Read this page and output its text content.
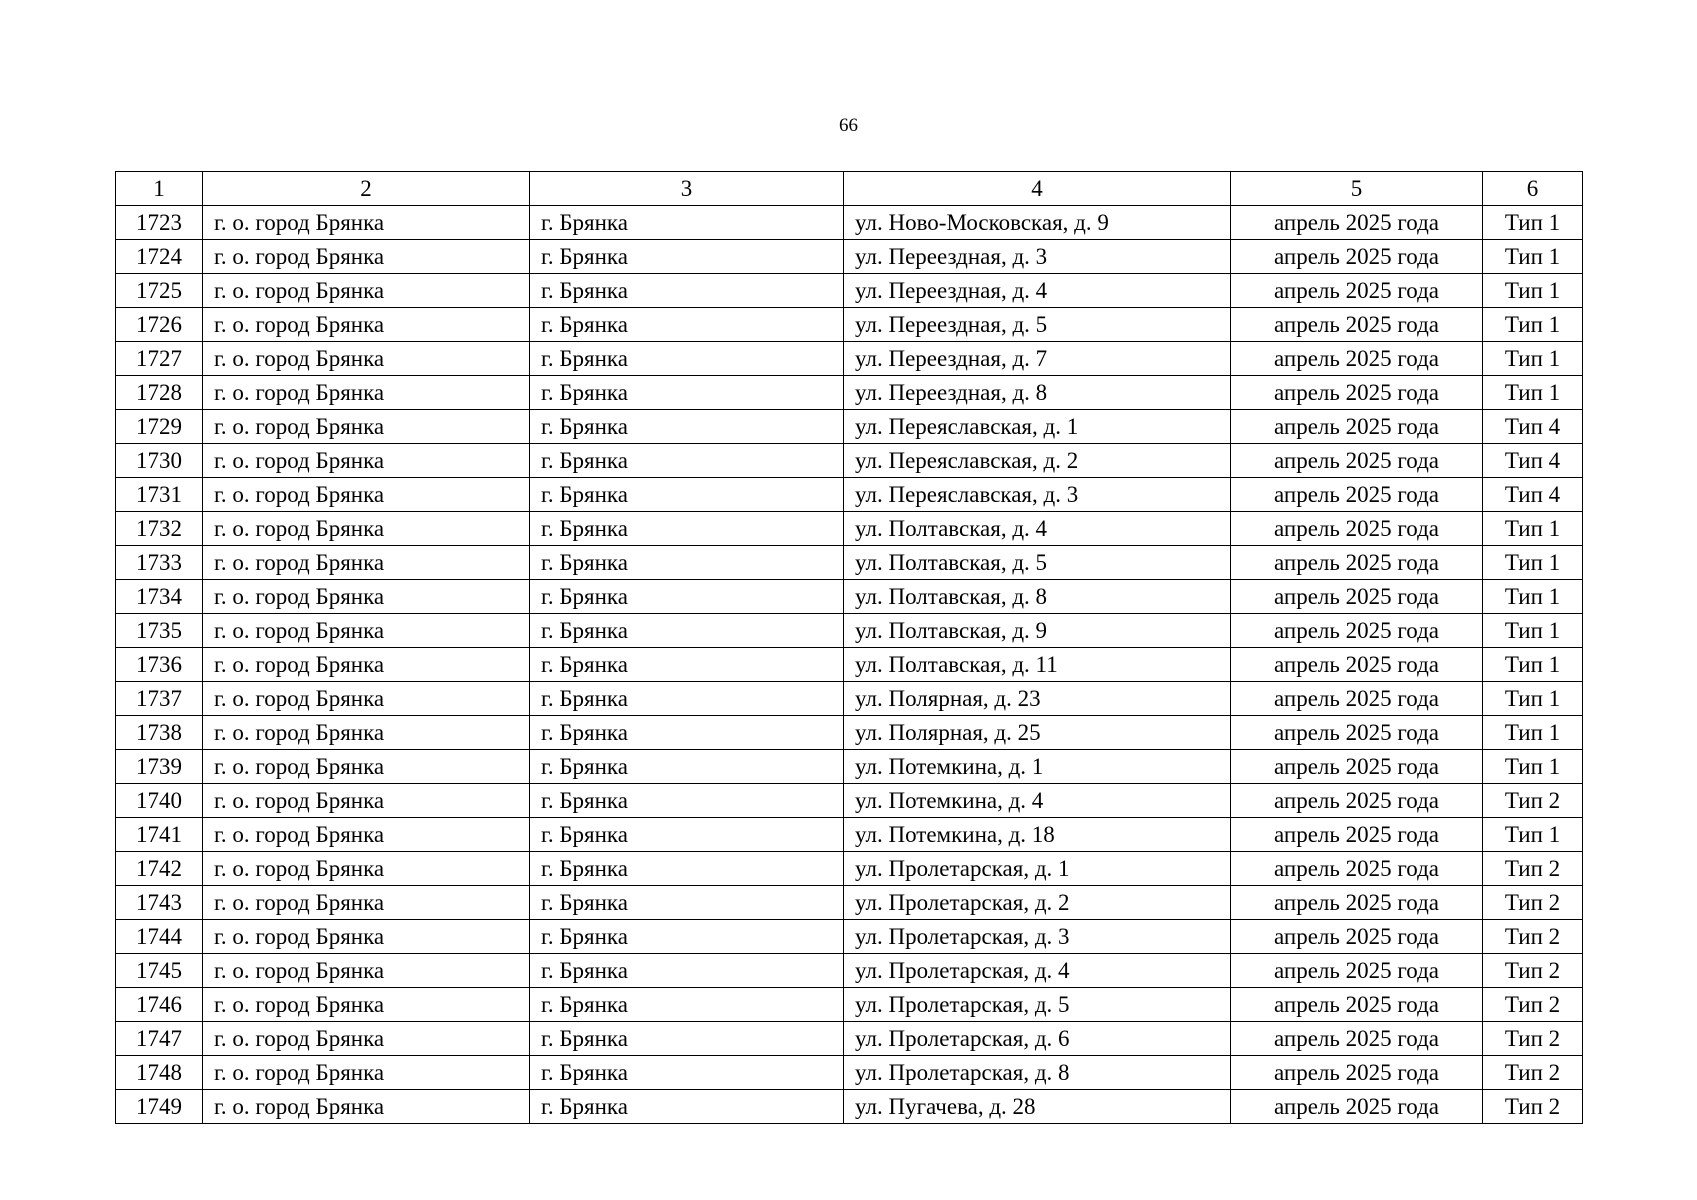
66
1	2	3	4	5	6
1723	г. о. город Брянка	г. Брянка	ул. Ново-Московская, д. 9	апрель 2025 года	Тип 1
1724	г. о. город Брянка	г. Брянка	ул. Переездная, д. 3	апрель 2025 года	Тип 1
1725	г. о. город Брянка	г. Брянка	ул. Переездная, д. 4	апрель 2025 года	Тип 1
1726	г. о. город Брянка	г. Брянка	ул. Переездная, д. 5	апрель 2025 года	Тип 1
1727	г. о. город Брянка	г. Брянка	ул. Переездная, д. 7	апрель 2025 года	Тип 1
1728	г. о. город Брянка	г. Брянка	ул. Переездная, д. 8	апрель 2025 года	Тип 1
1729	г. о. город Брянка	г. Брянка	ул. Переяславская, д. 1	апрель 2025 года	Тип 4
1730	г. о. город Брянка	г. Брянка	ул. Переяславская, д. 2	апрель 2025 года	Тип 4
1731	г. о. город Брянка	г. Брянка	ул. Переяславская, д. 3	апрель 2025 года	Тип 4
1732	г. о. город Брянка	г. Брянка	ул. Полтавская, д. 4	апрель 2025 года	Тип 1
1733	г. о. город Брянка	г. Брянка	ул. Полтавская, д. 5	апрель 2025 года	Тип 1
1734	г. о. город Брянка	г. Брянка	ул. Полтавская, д. 8	апрель 2025 года	Тип 1
1735	г. о. город Брянка	г. Брянка	ул. Полтавская, д. 9	апрель 2025 года	Тип 1
1736	г. о. город Брянка	г. Брянка	ул. Полтавская, д. 11	апрель 2025 года	Тип 1
1737	г. о. город Брянка	г. Брянка	ул. Полярная, д. 23	апрель 2025 года	Тип 1
1738	г. о. город Брянка	г. Брянка	ул. Полярная, д. 25	апрель 2025 года	Тип 1
1739	г. о. город Брянка	г. Брянка	ул. Потемкина, д. 1	апрель 2025 года	Тип 1
1740	г. о. город Брянка	г. Брянка	ул. Потемкина, д. 4	апрель 2025 года	Тип 2
1741	г. о. город Брянка	г. Брянка	ул. Потемкина, д. 18	апрель 2025 года	Тип 1
1742	г. о. город Брянка	г. Брянка	ул. Пролетарская, д. 1	апрель 2025 года	Тип 2
1743	г. о. город Брянка	г. Брянка	ул. Пролетарская, д. 2	апрель 2025 года	Тип 2
1744	г. о. город Брянка	г. Брянка	ул. Пролетарская, д. 3	апрель 2025 года	Тип 2
1745	г. о. город Брянка	г. Брянка	ул. Пролетарская, д. 4	апрель 2025 года	Тип 2
1746	г. о. город Брянка	г. Брянка	ул. Пролетарская, д. 5	апрель 2025 года	Тип 2
1747	г. о. город Брянка	г. Брянка	ул. Пролетарская, д. 6	апрель 2025 года	Тип 2
1748	г. о. город Брянка	г. Брянка	ул. Пролетарская, д. 8	апрель 2025 года	Тип 2
1749	г. о. город Брянка	г. Брянка	ул. Пугачева, д. 28	апрель 2025 года	Тип 2
